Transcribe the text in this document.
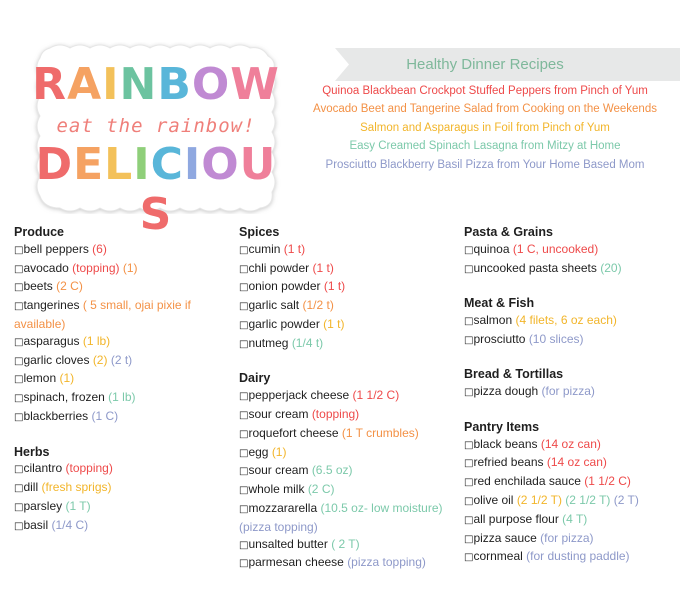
RAINBOW
eat the rainbow!
DELICIOUS
Healthy Dinner Recipes
Quinoa Blackbean Crockpot Stuffed Peppers from Pinch of Yum
Avocado Beet and Tangerine Salad from Cooking on the Weekends
Salmon and Asparagus in Foil from Pinch of Yum
Easy Creamed Spinach Lasagna from Mitzy at Home
Prosciutto Blackberry Basil Pizza from Your Home Based Mom
Produce
□bell peppers (6)
□avocado (topping) (1)
□beets (2 C)
□tangerines ( 5 small, ojai pixie if available)
□asparagus (1 lb)
□garlic cloves (2) (2 t)
□lemon (1)
□spinach, frozen (1 lb)
□blackberries (1 C)
Herbs
□cilantro (topping)
□dill (fresh sprigs)
□parsley (1 T)
□basil (1/4 C)
Spices
□cumin (1 t)
□chli powder (1 t)
□onion powder (1 t)
□garlic salt (1/2 t)
□garlic powder (1 t)
□nutmeg (1/4 t)
Dairy
□pepperjack cheese (1 1/2 C)
□sour cream (topping)
□roquefort cheese (1 T crumbles)
□egg (1)
□sour cream (6.5 oz)
□whole milk (2 C)
□mozzararella (10.5 oz- low moisture) (pizza topping)
□unsalted butter ( 2 T)
□parmesan cheese (pizza topping)
Pasta & Grains
□quinoa (1 C, uncooked)
□uncooked pasta sheets (20)
Meat & Fish
□salmon (4 filets, 6 oz each)
□prosciutto (10 slices)
Bread & Tortillas
□pizza dough (for pizza)
Pantry Items
□black beans (14 oz can)
□refried beans (14 oz can)
□red enchilada sauce (1 1/2 C)
□olive oil (2 1/2 T) (2 1/2 T) (2 T)
□all purpose flour (4 T)
□pizza sauce (for pizza)
□cornmeal (for dusting paddle)
